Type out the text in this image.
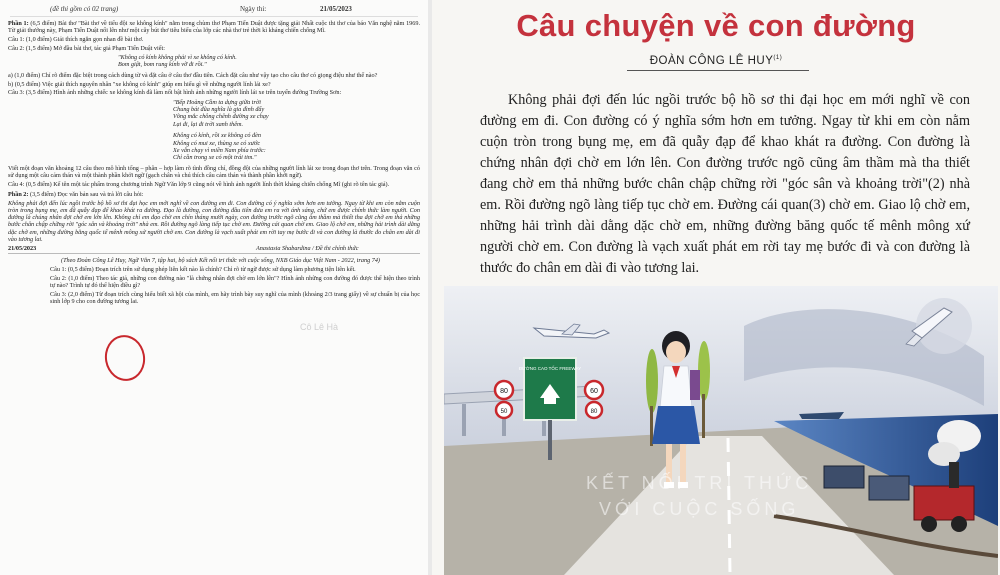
(đề thi gồm có 02 trang)	Ngày thi:	21/05/2023

Phần 1: (6,5 điểm) Bài thơ "Bài thơ về tiểu đội xe không kính" nằm trong chùm thơ Phạm Tiến Duật được tặng giải Nhất cuộc thi thơ của báo Văn nghệ năm 1969. Từ giải thưởng này, Phạm Tiến Duật nổi lên như một cây bút thơ tiêu biểu của lớp các nhà thơ trẻ thời kì kháng chiến chống Mĩ.

Câu 1: (1,0 điểm) Giải thích ngắn gọn nhan đề bài thơ.

Câu 2: (1,5 điểm) Mở đầu bài thơ, tác giả Phạm Tiến Duật viết:

"Không có kính không phải vì xe không có kính.
Bom giật, bom rung kính vỡ đi rồi."

a) (1,0 điểm) Chỉ rõ điểm đặc biệt trong cách dùng từ và đặt câu ở câu thơ đầu tiên. Cách đặt câu như vậy tạo cho câu thơ có giọng điệu như thế nào?

b) (0,5 điểm) Việc giải thích nguyên nhân "xe không có kính" giúp em hiểu gì về những người lính lái xe?

Câu 3: (3,5 điểm) Hình ảnh những chiếc xe không kính đã làm nổi bật hình ảnh những người lính lái xe trên tuyến đường Trường Sơn:

"Bếp Hoàng Cầm ta dựng giữa trời
Chung bát đũa nghĩa là gia đình đấy
Võng mắc chông chênh đường xe chạy
Lại đi, lại đi trời xanh thêm.
Không có kính, rồi xe không có đèn
Không có mui xe, thùng xe có xước
Xe vẫn chạy vì miền Nam phía trước:
Chỉ cần trong xe có một trái tim."

Viết một đoạn văn khoảng 12 câu theo mô hình tổng – phân – hợp làm rõ tình đồng chí, đồng đội của những người lính lái xe trong đoạn thơ trên. Trong đoạn văn có sử dụng một câu cảm thán và một thành phần khởi ngữ (gạch chân và chú thích câu cảm thán và thành phần khởi ngữ).

Câu 4: (0,5 điểm) Kể tên một tác phẩm trong chương trình Ngữ Văn lớp 9 cũng nói về hình ảnh người lính thời kháng chiến chống Mĩ (ghi rõ tên tác giả).

Phần 2: (3,5 điểm) Đọc văn bản sau và trả lời câu hỏi:

Không phải đợi đến lúc ngồi trước bộ hồ sơ thi đại học em mới nghĩ về con đường em đi. Con đường có ý nghĩa sớm hơn em tưởng. Ngay từ khi em còn nằm cuộn tròn trong bụng mẹ, em đã quẫy đạp để khao khát ra đường. Đạo là đường, con đường đầu tiên đưa em ra với ánh sáng, chứ em được chính thức làm người. Con đường là chúng nhân đợi chờ em lớn lên. Không chỉ em đạo chờ em chín tháng mười ngày, con đường trước ngõ cũng âm thầm mà thiết tha đợi chờ em thả những bước chân chập chững rời "góc sân và khoảng trời" nhà em. Rồi đường ngõ làng tiếp tục chờ em. Đường cái quan chờ em. Giao lộ chờ em, những hải trình dài dằng dặc chờ em, những đường băng quốc tế mênh mông xử người chờ em. Con đường là vạch xuất phát em rời tay mẹ bước đi và con đường là thước đo chân em dài đi vào tương lai.

21/05/2023	Anastasia Shabardina / Đề thi chính thức

(Theo Đoàn Công Lê Huy, Ngữ Văn 7, tập hai, bộ sách Kết nối tri thức với cuộc sống, NXB Giáo dục Việt Nam - 2022, trang 74)

Câu 1: (0,5 điểm) Đoạn trích trên sử dụng phép liên kết nào là chính? Chỉ rõ từ ngữ được sử dụng làm phương tiện liên kết.

Câu 2: (1,0 điểm) Theo tác giả, những con đường nào "là chứng nhân đợi chờ em lớn lên"? Hình ảnh những con đường đó được thể hiện theo trình tự nào? Trình tự đó thể hiện điều gì?

Câu 3: (2,0 điểm) Từ đoạn trích cùng hiểu biết xã hội của mình, em hãy trình bày suy nghĩ của mình (khoảng 2/3 trang giấy) về sự chuẩn bị của học sinh lớp 9 cho con đường tương lai.

Cô Lê Hà
Câu chuyện về con đường
ĐOÀN CÔNG LÊ HUY$^{(1)}$
Không phải đợi đến lúc ngồi trước bộ hồ sơ thi đại học em mới nghĩ về con đường em đi. Con đường có ý nghĩa sớm hơn em tưởng. Ngay từ khi em còn nằm cuộn tròn trong bụng mẹ, em đã quẫy đạp để khao khát ra đường. Con đường là chứng nhân đợi chờ em lớn lên. Con đường trước ngõ cũng âm thầm mà tha thiết đang chờ em thả những bước chân chập chững rời "góc sân và khoảng trời"(2) nhà em. Rồi đường ngõ làng tiếp tục chờ em. Đường cái quan(3) chờ em. Giao lộ chờ em, những hải trình dài dằng dặc chờ em, những đường băng quốc tế mênh mông xứ người chờ em. Con đường là vạch xuất phát em rời tay mẹ bước đi và con đường là thước đo chân em dài đi vào tương lai.
ĐƯỜNG CAO TỐC FREEWAY
80	60
50	80
KẾT NỐI TRI THỨC
VỚI CUỘC SỐNG
